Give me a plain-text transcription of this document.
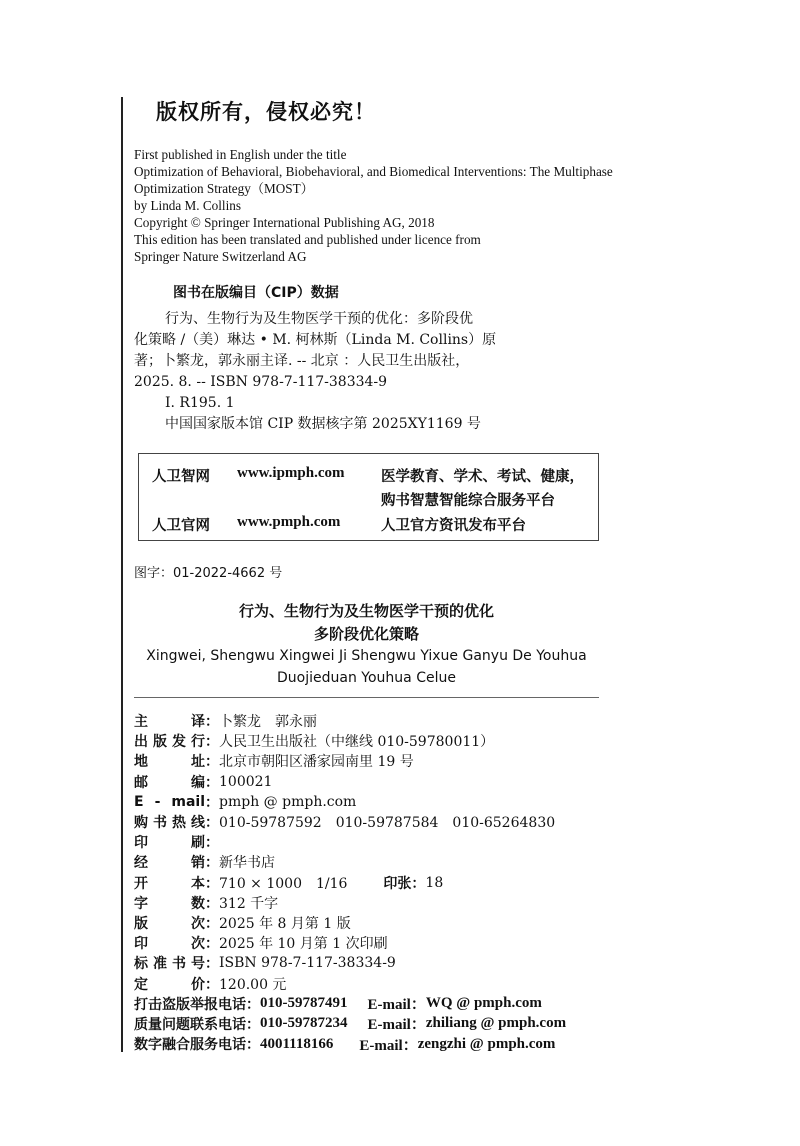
版权所有，侵权必究！
First published in English under the title
Optimization of Behavioral, Biobehavioral, and Biomedical Interventions: The Multiphase
Optimization Strategy（MOST）
by Linda M. Collins
Copyright © Springer International Publishing AG, 2018
This edition has been translated and published under licence from
Springer Nature Switzerland AG
图书在版编目（CIP）数据
行为、生物行为及生物医学干预的优化：多阶段优
化策略 /（美）琳达 • M. 柯林斯（Linda M. Collins）原
著；卜繁龙，郭永丽主译. -- 北京 ：人民卫生出版社，
2025. 8. -- ISBN 978-7-117-38334-9
Ⅰ. R195. 1
中国国家版本馆 CIP 数据核字第 2025XY1169 号
人卫智网 www.ipmph.com	医学教育、学术、考试、健康，
购书智慧智能综合服务平台
人卫官网 www.pmph.com	人卫官方资讯发布平台
图字：01-2022-4662 号
行为、生物行为及生物医学干预的优化
多阶段优化策略
Xingwei, Shengwu Xingwei Ji Shengwu Yixue Ganyu De Youhua
Duojieduan Youhua Celue
主	译 ： 卜繁龙　郭永丽
出 版 发 行 ： 人民卫生出版社（中继线 010-59780011）
地	址 ： 北京市朝阳区潘家园南里 19 号
邮	编 ： 100021
E - mail ： pmph @ pmph.com
购 书 热 线 ： 010-59787592　010-59787584　010-65264830
印	刷 ：
经	销 ： 新华书店
开	本 ： 710 × 1000　1/16	印张： 18
字	数 ： 312 千字
版	次 ： 2025 年 8 月第 1 版
印	次 ： 2025 年 10 月第 1 次印刷
标 准 书 号 ： ISBN 978-7-117-38334-9
定	价 ： 120.00 元
打击盗版举报电话： 010-59787491 E-mail： WQ @ pmph.com
质量问题联系电话： 010-59787234 E-mail： zhiliang @ pmph.com
数字融合服务电话： 4001118166 E-mail： zengzhi @ pmph.com
